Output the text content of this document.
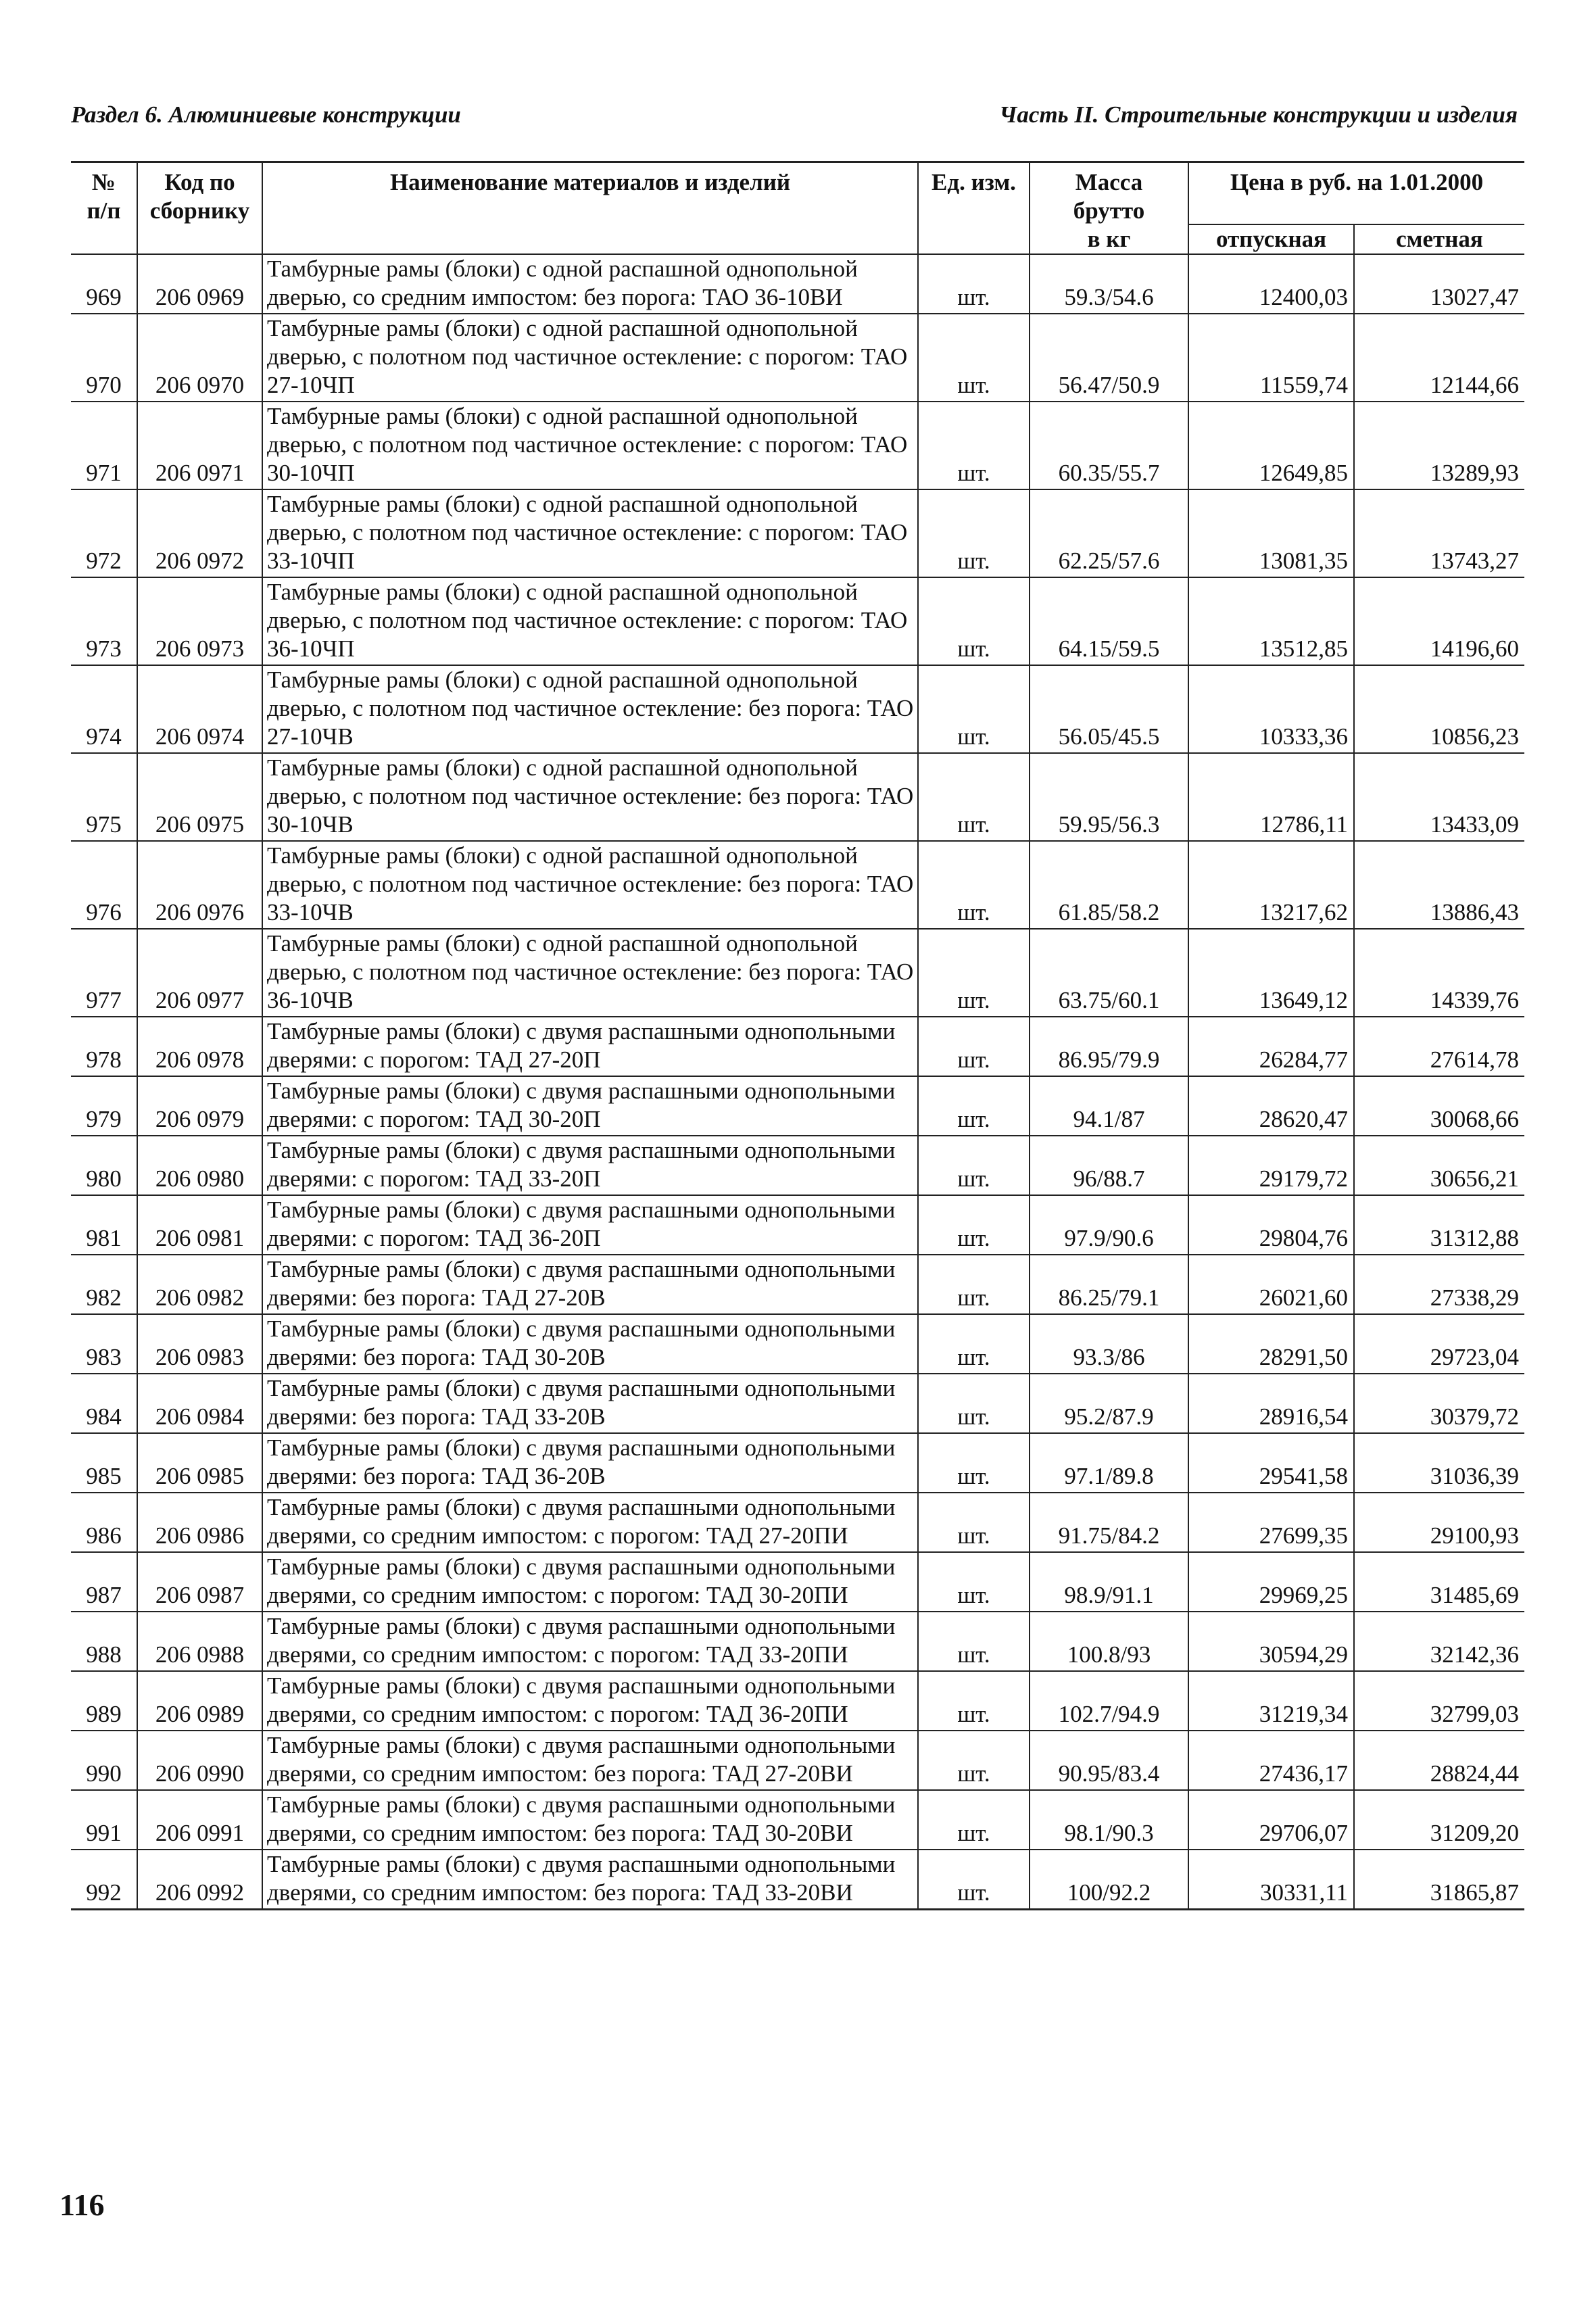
Раздел 6. Алюминиевые конструкции	Часть II. Строительные конструкции и изделия
№
п/п	Код по
сборнику	Наименование материалов и изделий	Ед. изм.	Масса
брутто
в кг	Цена в руб. на 1.01.2000	
					отпускная	сметная
969	206 0969	Тамбурные рамы (блоки) с одной распашной однопольной дверью, со средним импостом: без порога: ТАО 36-10ВИ	шт.	59.3/54.6	12400,03	13027,47
970	206 0970	Тамбурные рамы (блоки) с одной распашной однопольной дверью, с полотном под частичное остекление: с порогом: ТАО 27-10ЧП	шт.	56.47/50.9	11559,74	12144,66
971	206 0971	Тамбурные рамы (блоки) с одной распашной однопольной дверью, с полотном под частичное остекление: с порогом: ТАО 30-10ЧП	шт.	60.35/55.7	12649,85	13289,93
972	206 0972	Тамбурные рамы (блоки) с одной распашной однопольной дверью, с полотном под частичное остекление: с порогом: ТАО 33-10ЧП	шт.	62.25/57.6	13081,35	13743,27
973	206 0973	Тамбурные рамы (блоки) с одной распашной однопольной дверью, с полотном под частичное остекление: с порогом: ТАО 36-10ЧП	шт.	64.15/59.5	13512,85	14196,60
974	206 0974	Тамбурные рамы (блоки) с одной распашной однопольной дверью, с полотном под частичное остекление: без порога: ТАО 27-10ЧВ	шт.	56.05/45.5	10333,36	10856,23
975	206 0975	Тамбурные рамы (блоки) с одной распашной однопольной дверью, с полотном под частичное остекление: без порога: ТАО 30-10ЧВ	шт.	59.95/56.3	12786,11	13433,09
976	206 0976	Тамбурные рамы (блоки) с одной распашной однопольной дверью, с полотном под частичное остекление: без порога: ТАО 33-10ЧВ	шт.	61.85/58.2	13217,62	13886,43
977	206 0977	Тамбурные рамы (блоки) с одной распашной однопольной дверью, с полотном под частичное остекление: без порога: ТАО 36-10ЧВ	шт.	63.75/60.1	13649,12	14339,76
978	206 0978	Тамбурные рамы (блоки) с двумя распашными однопольными дверями: с порогом: ТАД 27-20П	шт.	86.95/79.9	26284,77	27614,78
979	206 0979	Тамбурные рамы (блоки) с двумя распашными однопольными дверями: с порогом: ТАД 30-20П	шт.	94.1/87	28620,47	30068,66
980	206 0980	Тамбурные рамы (блоки) с двумя распашными однопольными дверями: с порогом: ТАД 33-20П	шт.	96/88.7	29179,72	30656,21
981	206 0981	Тамбурные рамы (блоки) с двумя распашными однопольными дверями: с порогом: ТАД 36-20П	шт.	97.9/90.6	29804,76	31312,88
982	206 0982	Тамбурные рамы (блоки) с двумя распашными однопольными дверями: без порога: ТАД 27-20В	шт.	86.25/79.1	26021,60	27338,29
983	206 0983	Тамбурные рамы (блоки) с двумя распашными однопольными дверями: без порога: ТАД 30-20В	шт.	93.3/86	28291,50	29723,04
984	206 0984	Тамбурные рамы (блоки) с двумя распашными однопольными дверями: без порога: ТАД 33-20В	шт.	95.2/87.9	28916,54	30379,72
985	206 0985	Тамбурные рамы (блоки) с двумя распашными однопольными дверями: без порога: ТАД 36-20В	шт.	97.1/89.8	29541,58	31036,39
986	206 0986	Тамбурные рамы (блоки) с двумя распашными однопольными дверями, со средним импостом: с порогом: ТАД 27-20ПИ	шт.	91.75/84.2	27699,35	29100,93
987	206 0987	Тамбурные рамы (блоки) с двумя распашными однопольными дверями, со средним импостом: с порогом: ТАД 30-20ПИ	шт.	98.9/91.1	29969,25	31485,69
988	206 0988	Тамбурные рамы (блоки) с двумя распашными однопольными дверями, со средним импостом: с порогом: ТАД 33-20ПИ	шт.	100.8/93	30594,29	32142,36
989	206 0989	Тамбурные рамы (блоки) с двумя распашными однопольными дверями, со средним импостом: с порогом: ТАД 36-20ПИ	шт.	102.7/94.9	31219,34	32799,03
990	206 0990	Тамбурные рамы (блоки) с двумя распашными однопольными дверями, со средним импостом: без порога: ТАД 27-20ВИ	шт.	90.95/83.4	27436,17	28824,44
991	206 0991	Тамбурные рамы (блоки) с двумя распашными однопольными дверями, со средним импостом: без порога: ТАД 30-20ВИ	шт.	98.1/90.3	29706,07	31209,20
992	206 0992	Тамбурные рамы (блоки) с двумя распашными однопольными дверями, со средним импостом: без порога: ТАД 33-20ВИ	шт.	100/92.2	30331,11	31865,87
116
